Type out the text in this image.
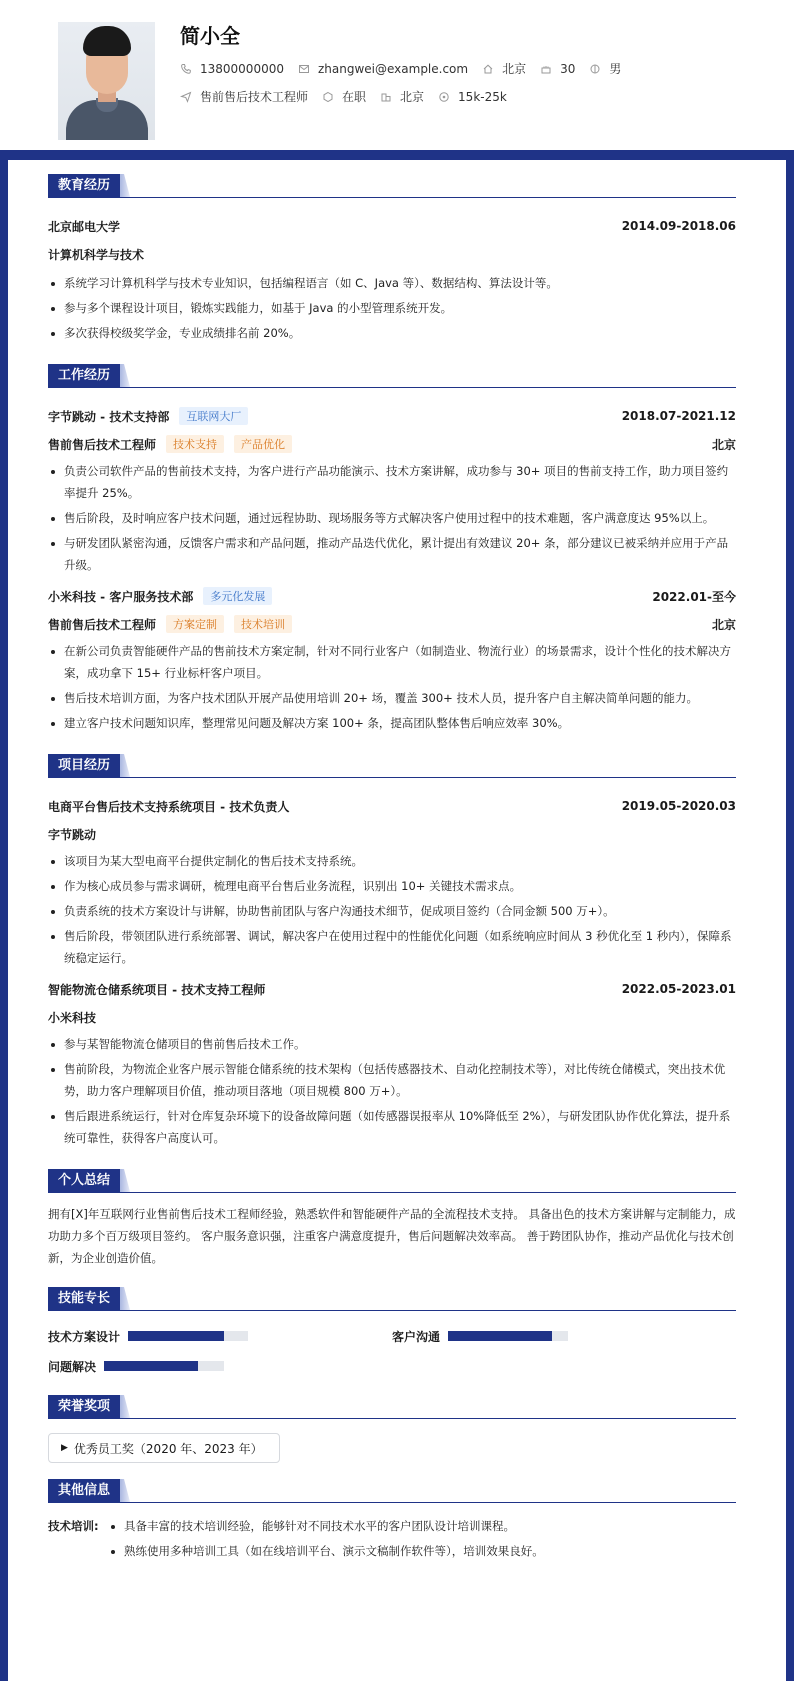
简小全
13800000000	zhangwei@example.com	北京	30	男
售前售后技术工程师	在职	北京	15k-25k
教育经历
北京邮电大学	2014.09-2018.06
计算机科学与技术
系统学习计算机科学与技术专业知识，包括编程语言（如 C、Java 等）、数据结构、算法设计等。
参与多个课程设计项目，锻炼实践能力，如基于 Java 的小型管理系统开发。
多次获得校级奖学金，专业成绩排名前 20%。
工作经历
字节跳动 - 技术支持部	互联网大厂	2018.07-2021.12
售前售后技术工程师	技术支持	产品优化	北京
负责公司软件产品的售前技术支持，为客户进行产品功能演示、技术方案讲解，成功参与 30+ 项目的售前支持工作，助力项目签约率提升 25%。
售后阶段，及时响应客户技术问题，通过远程协助、现场服务等方式解决客户使用过程中的技术难题，客户满意度达 95%以上。
与研发团队紧密沟通，反馈客户需求和产品问题，推动产品迭代优化，累计提出有效建议 20+ 条，部分建议已被采纳并应用于产品升级。
小米科技 - 客户服务技术部	多元化发展	2022.01-至今
售前售后技术工程师	方案定制	技术培训	北京
在新公司负责智能硬件产品的售前技术方案定制，针对不同行业客户（如制造业、物流行业）的场景需求，设计个性化的技术解决方案，成功拿下 15+ 行业标杆客户项目。
售后技术培训方面，为客户技术团队开展产品使用培训 20+ 场，覆盖 300+ 技术人员，提升客户自主解决简单问题的能力。
建立客户技术问题知识库，整理常见问题及解决方案 100+ 条，提高团队整体售后响应效率 30%。
项目经历
电商平台售后技术支持系统项目 - 技术负责人	2019.05-2020.03
字节跳动
该项目为某大型电商平台提供定制化的售后技术支持系统。
作为核心成员参与需求调研，梳理电商平台售后业务流程，识别出 10+ 关键技术需求点。
负责系统的技术方案设计与讲解，协助售前团队与客户沟通技术细节，促成项目签约（合同金额 500 万+）。
售后阶段，带领团队进行系统部署、调试，解决客户在使用过程中的性能优化问题（如系统响应时间从 3 秒优化至 1 秒内），保障系统稳定运行。
智能物流仓储系统项目 - 技术支持工程师	2022.05-2023.01
小米科技
参与某智能物流仓储项目的售前售后技术工作。
售前阶段，为物流企业客户展示智能仓储系统的技术架构（包括传感器技术、自动化控制技术等），对比传统仓储模式，突出技术优势，助力客户理解项目价值，推动项目落地（项目规模 800 万+）。
售后跟进系统运行，针对仓库复杂环境下的设备故障问题（如传感器误报率从 10%降低至 2%），与研发团队协作优化算法，提升系统可靠性，获得客户高度认可。
个人总结
拥有[X]年互联网行业售前售后技术工程师经验，熟悉软件和智能硬件产品的全流程技术支持。 具备出色的技术方案讲解与定制能力，成功助力多个百万级项目签约。 客户服务意识强，注重客户满意度提升，售后问题解决效率高。 善于跨团队协作，推动产品优化与技术创新，为企业创造价值。
技能专长
技术方案设计	客户沟通
问题解决
荣誉奖项
▶ 优秀员工奖（2020 年、2023 年）
其他信息
技术培训:	具备丰富的技术培训经验，能够针对不同技术水平的客户团队设计培训课程。
熟练使用多种培训工具（如在线培训平台、演示文稿制作软件等），培训效果良好。
